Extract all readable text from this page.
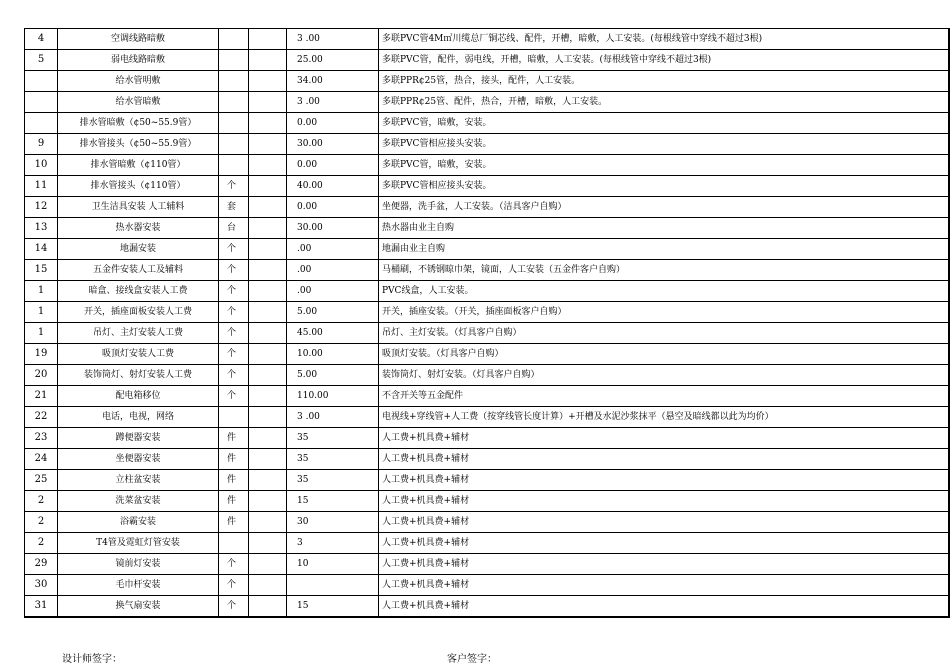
4	空调线路暗敷			3 .00	多联PVC管4M㎡川缆总厂铜芯线、配件，开槽，暗敷，人工安装。(每根线管中穿线不超过3根)
5	弱电线路暗敷			25.00	多联PVC管，配件，弱电线，开槽，暗敷，人工安装。(每根线管中穿线不超过3根)
	给水管明敷			34.00	多联PPR¢25管，热合，接头，配件，人工安装。
	给水管暗敷			3 .00	多联PPR¢25管、配件，热合，开槽，暗敷，人工安装。
	排水管暗敷（¢50~55.9管）			0.00	多联PVC管，暗敷，安装。
9	排水管接头（¢50~55.9管）			30.00	多联PVC管相应接头安装。
10	排水管暗敷（¢110管）			0.00	多联PVC管，暗敷，安装。
11	排水管接头（¢110管）	个		40.00	多联PVC管相应接头安装。
12	卫生洁具安装 人工辅料	套		0.00	坐便器，洗手盆，人工安装。（洁具客户自购）
13	热水器安装	台		30.00	热水器由业主自购
14	地漏安装	个		.00	地漏由业主自购
15	五金件安装人工及辅料	个		.00	马桶刷，不锈钢晾巾架，镜面，人工安装（五金件客户自购）
1	暗盒、接线盒安装人工费	个		.00	PVC线盒，人工安装。
1	开关，插座面板安装人工费	个		5.00	开关，插座安装。（开关，插座面板客户自购）
1	吊灯、主灯安装人工费	个		45.00	吊灯、主灯安装。（灯具客户自购）
19	吸顶灯安装人工费	个		10.00	吸顶灯安装。（灯具客户自购）
20	装饰筒灯、射灯安装人工费	个		5.00	装饰筒灯、射灯安装。（灯具客户自购）
21	配电箱移位	个		110.00	不含开关等五金配件
22	电话，电视，网络			3 .00	电视线+穿线管+人工费（按穿线管长度计算）+开槽及水泥沙浆抹平（悬空及暗线都以此为均价）
23	蹲便器安装	件		35	人工费+机具费+辅材
24	坐便器安装	件		35	人工费+机具费+辅材
25	立柱盆安装	件		35	人工费+机具费+辅材
2	洗菜盆安装	件		15	人工费+机具费+辅材
2	浴霸安装	件		30	人工费+机具费+辅材
2	T4管及霓虹灯管安装			3	人工费+机具费+辅材
29	镜前灯安装	个		10	人工费+机具费+辅材
30	毛巾杆安装	个			人工费+机具费+辅材
31	换气扇安装	个		15	人工费+机具费+辅材
设计师签字：	客户签字：
